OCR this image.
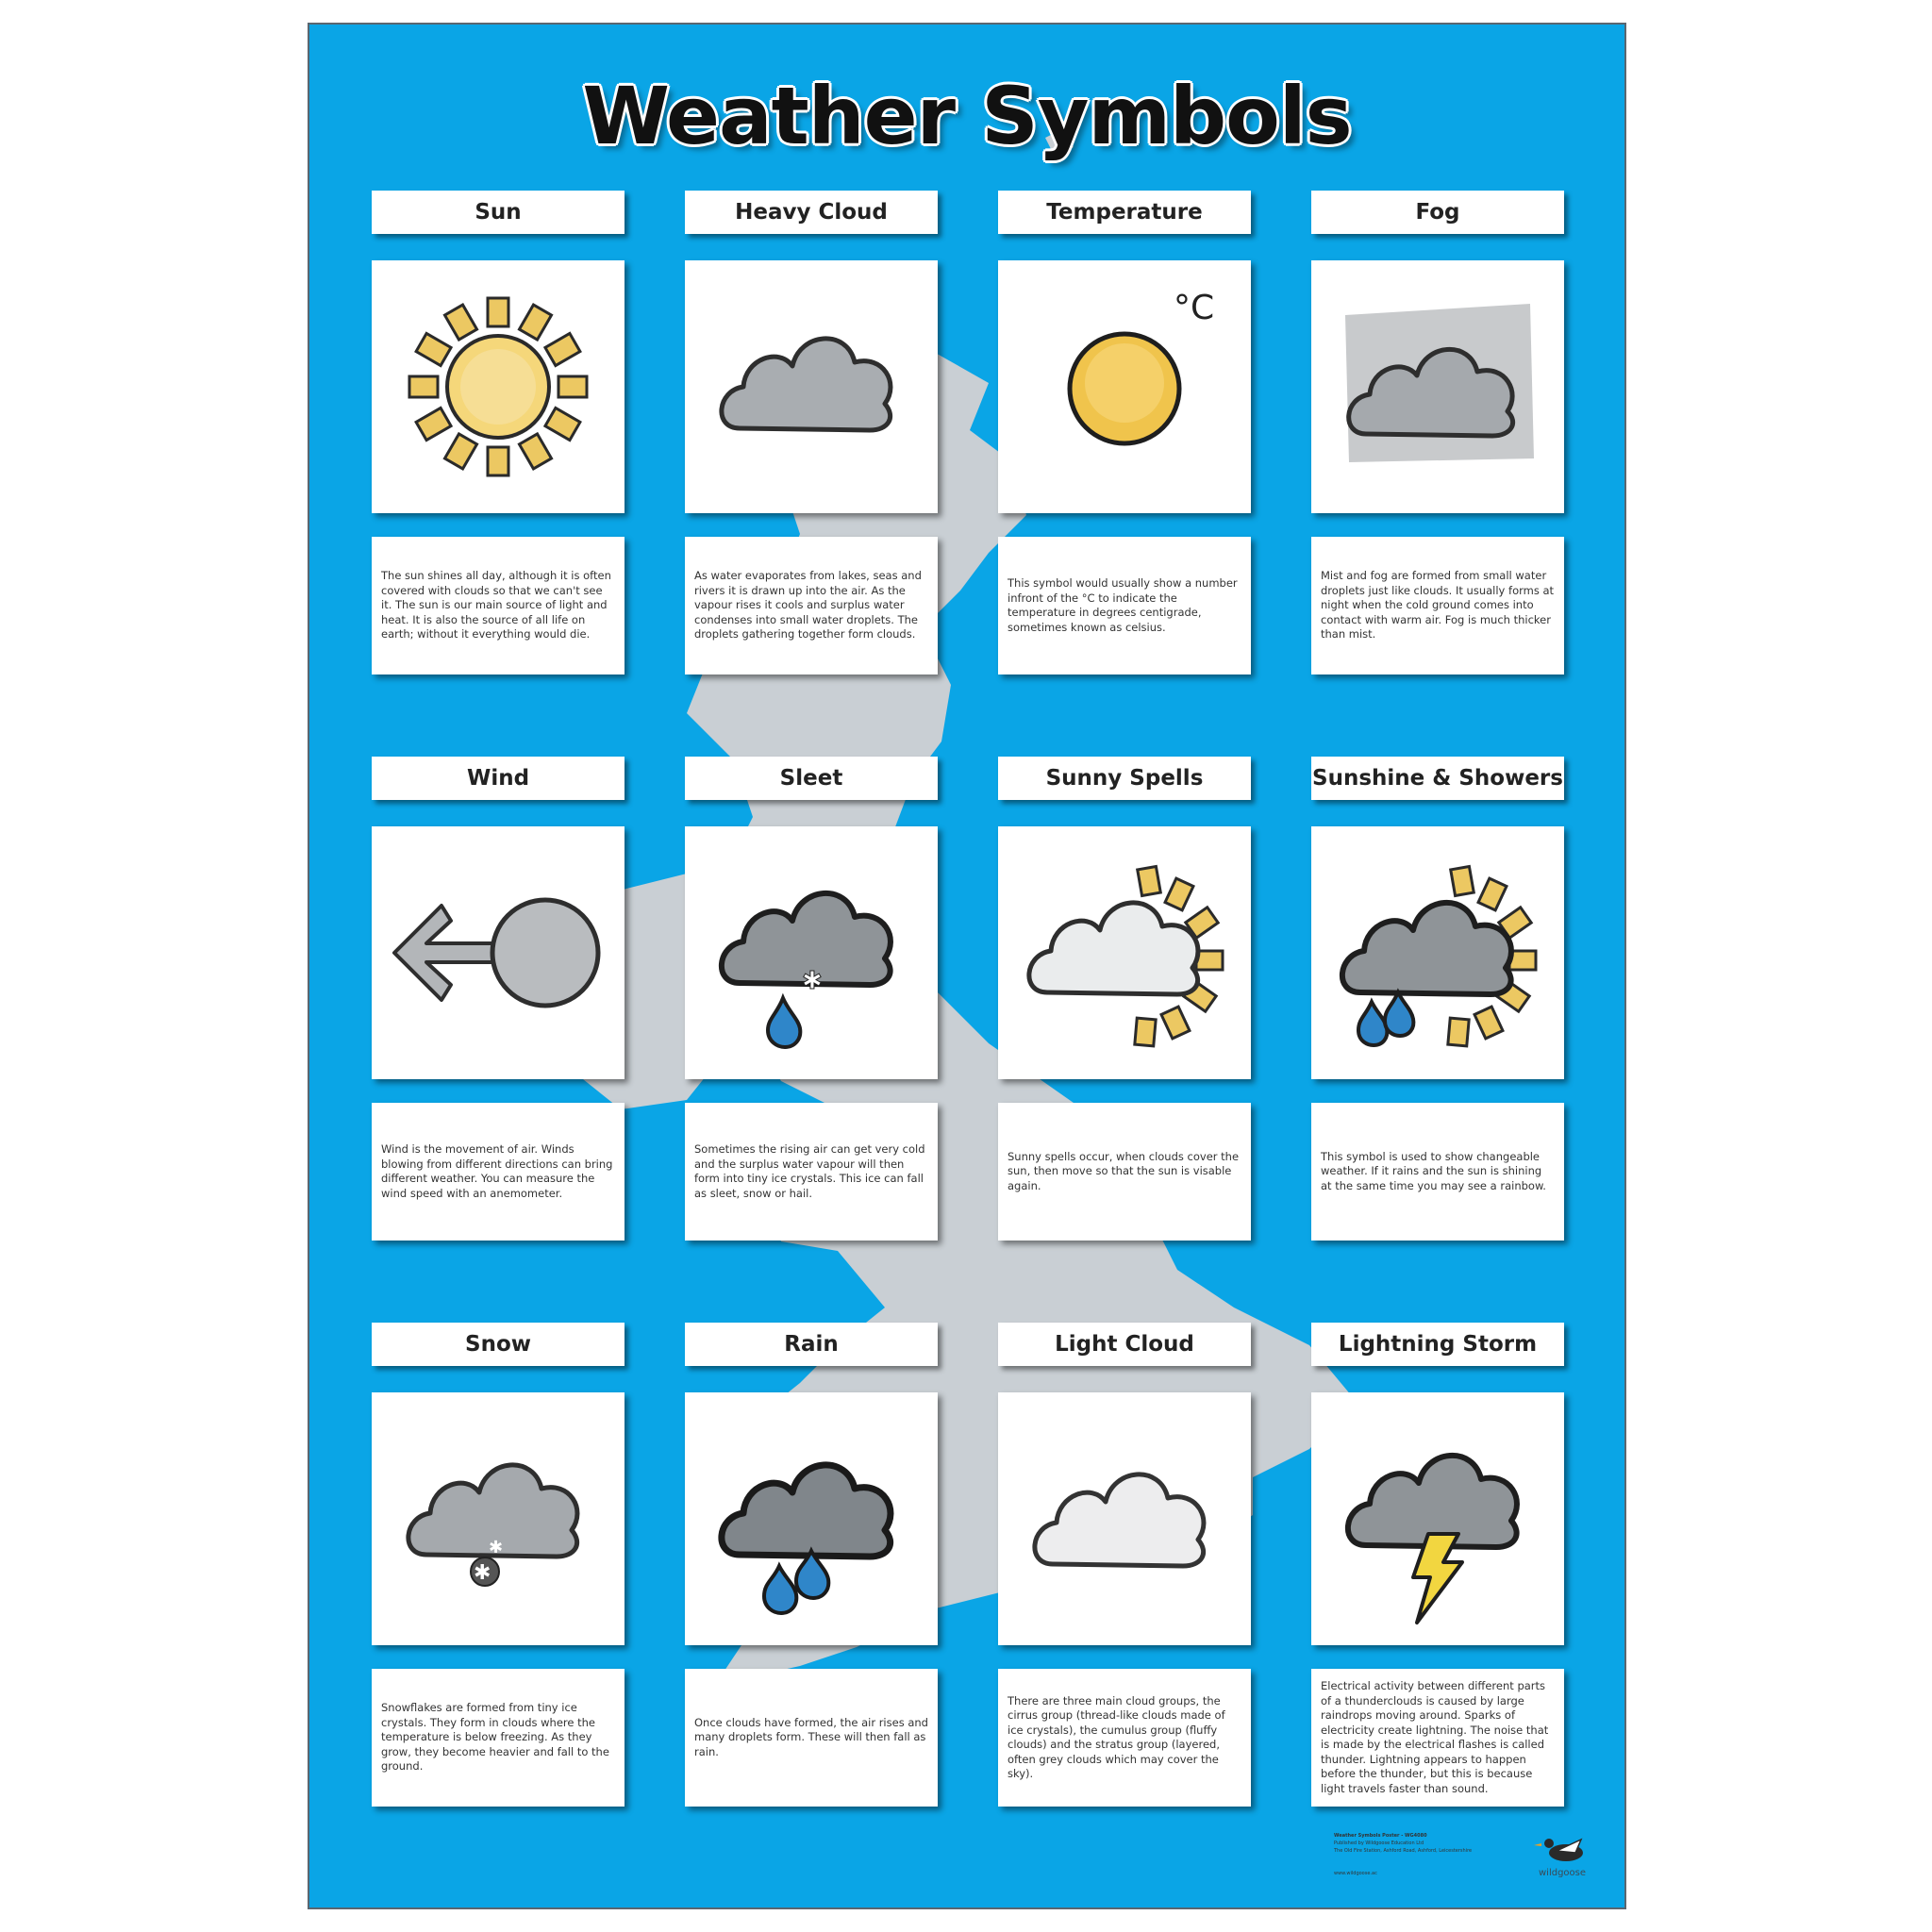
Weather Symbols
Sun
The sun shines all day, although it is often covered with clouds so that we can't see it. The sun is our main source of light and heat. It is also the source of all life on earth; without it everything would die.
Heavy Cloud
As water evaporates from lakes, seas and rivers it is drawn up into the air. As the vapour rises it cools and surplus water condenses into small water droplets. The droplets gathering together form clouds.
Temperature
°C
This symbol would usually show a number infront of the °C to indicate the temperature in degrees centigrade, sometimes known as celsius.
Fog
Mist and fog are formed from small water droplets just like clouds. It usually forms at night when the cold ground comes into contact with warm air. Fog is much thicker than mist.
Wind
Wind is the movement of air. Winds blowing from different directions can bring different weather. You can measure the wind speed with an anemometer.
Sleet
✱
Sometimes the rising air can get very cold and the surplus water vapour will then form into tiny ice crystals. This ice can fall as sleet, snow or hail.
Sunny Spells
Sunny spells occur, when clouds cover the sun, then move so that the sun is visable again.
Sunshine & Showers
This symbol is used to show changeable weather. If it rains and the sun is shining at the same time you may see a rainbow.
Snow
✱
✱
Snowflakes are formed from tiny ice crystals. They form in clouds where the temperature is below freezing. As they grow, they become heavier and fall to the ground.
Rain
Once clouds have formed, the air rises and many droplets form. These will then fall as rain.
Light Cloud
There are three main cloud groups, the cirrus group (thread-like clouds made of ice crystals), the cumulus group (fluffy clouds) and the stratus group (layered, often grey clouds which may cover the sky).
Lightning Storm
Electrical activity between different parts of a thunderclouds is caused by large raindrops moving around. Sparks of electricity create lightning. The noise that is made by the electrical flashes is called thunder. Lightning appears to happen before the thunder, but this is because light travels faster than sound.
Weather Symbols Poster - WG4080
Published by Wildgoose Education Ltd
The Old Fire Station, Ashford Road, Ashford, Leicestershire
www.wildgoose.ac	wildgoose
